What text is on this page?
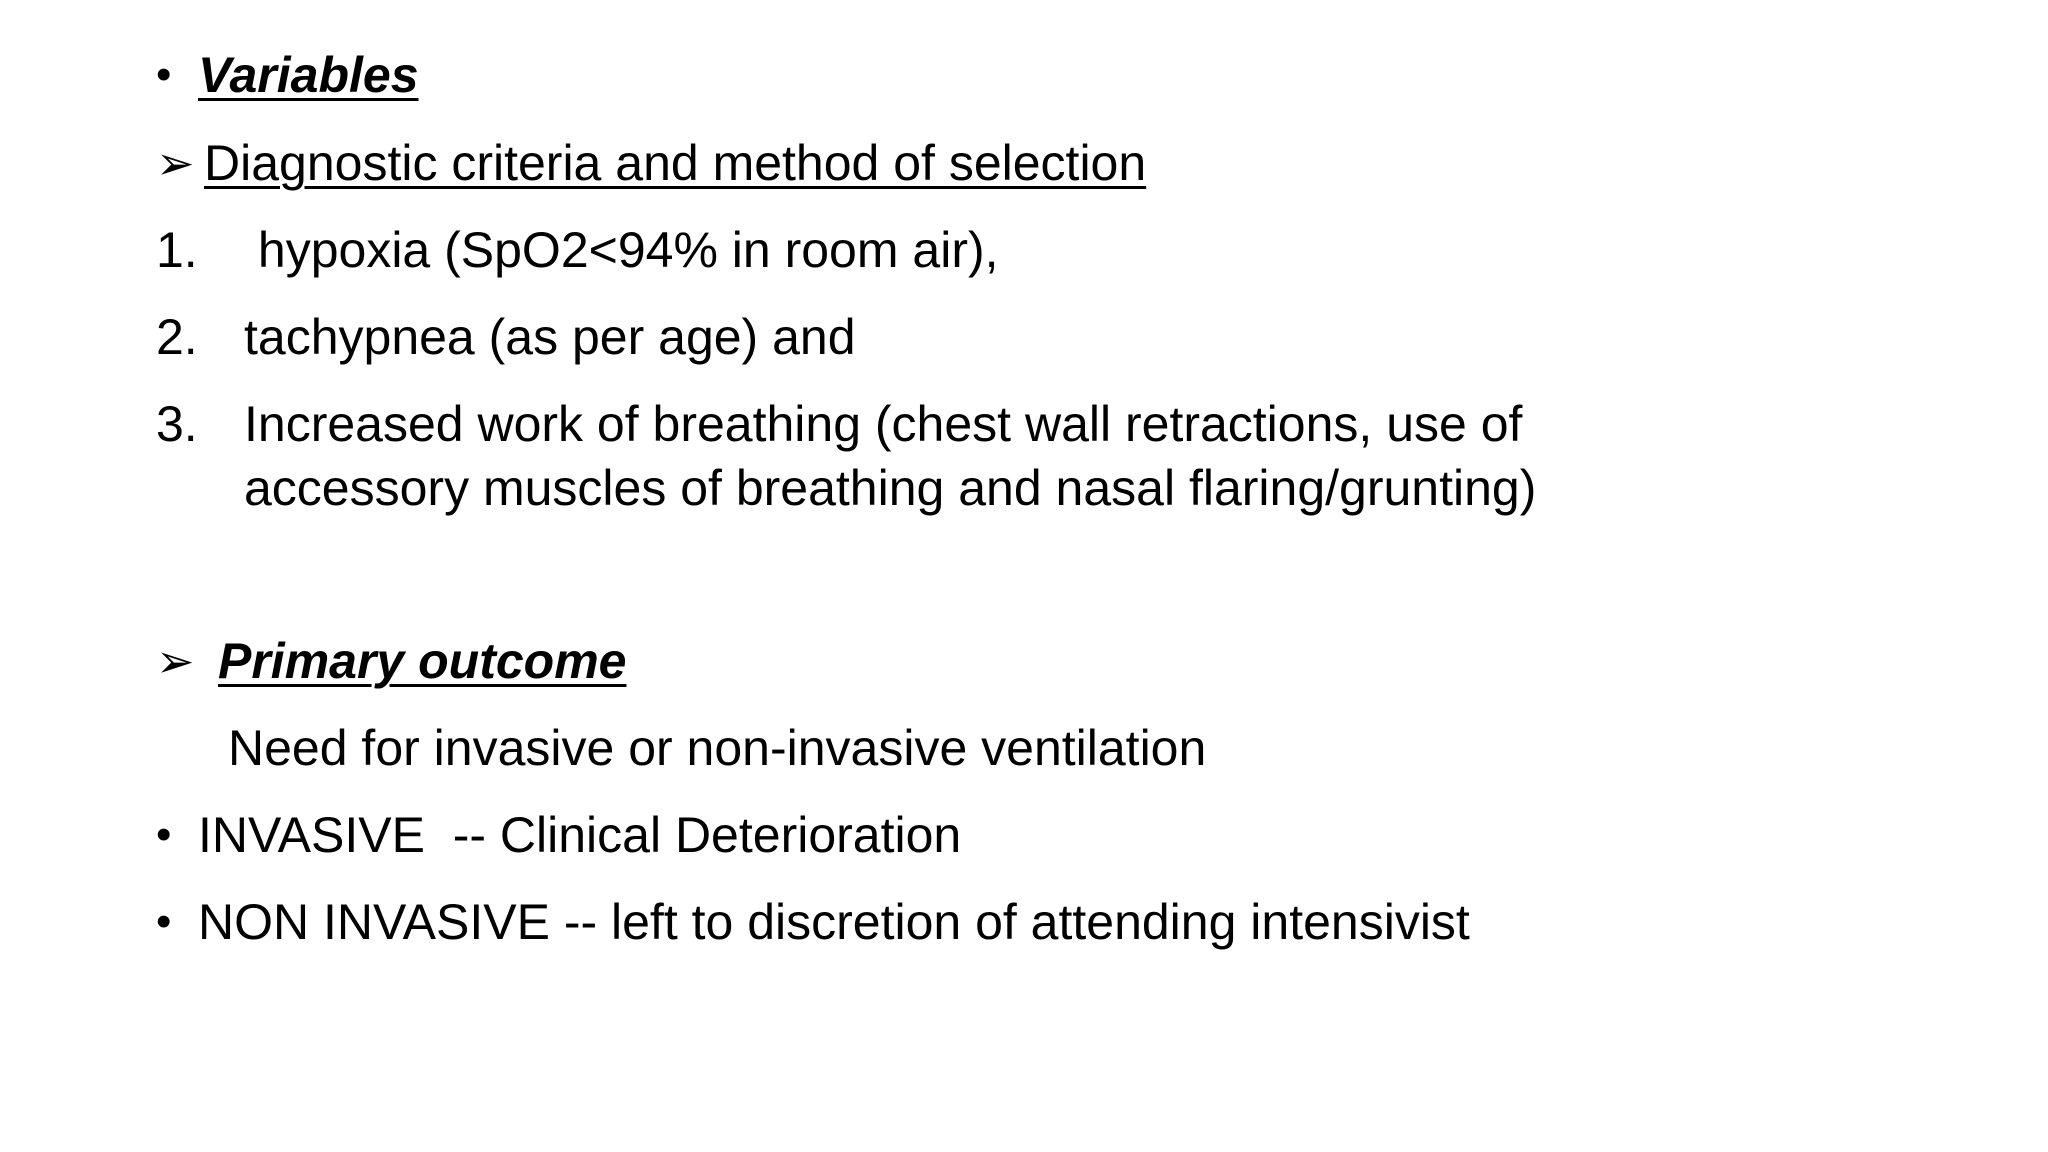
• Variables
➢ Diagnostic criteria and method of selection
1. hypoxia (SpO2<94% in room air),
2. tachypnea (as per age) and
3. Increased work of breathing (chest wall retractions, use of
accessory muscles of breathing and nasal flaring/grunting)
➢ Primary outcome
Need for invasive or non-invasive ventilation
• INVASIVE  -- Clinical Deterioration
• NON INVASIVE -- left to discretion of attending intensivist
